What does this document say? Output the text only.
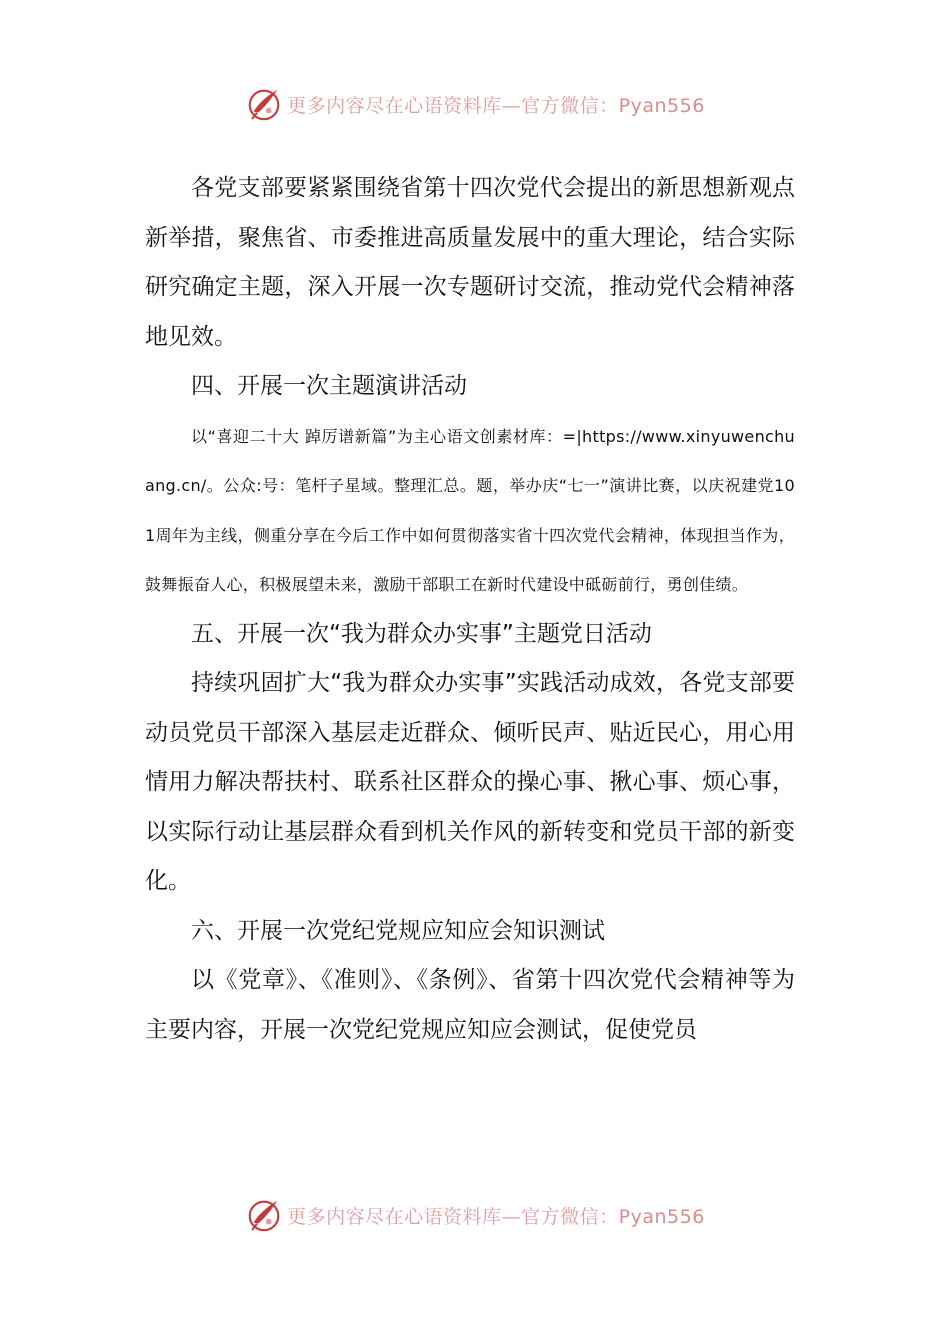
更多内容尽在心语资料库—官方微信：Pyan556

各党支部要紧紧围绕省第十四次党代会提出的新思想新观点新举措，聚焦省、市委推进高质量发展中的重大理论，结合实际研究确定主题，深入开展一次专题研讨交流，推动党代会精神落地见效。

四、开展一次主题演讲活动

以“喜迎二十大 踔厉谱新篇”为主心语文创素材库：=|https://www.xinyuwenchuang.cn/。公众:号：笔杆子星域。整理汇总。题，举办庆“七一”演讲比赛，以庆祝建党101周年为主线，侧重分享在今后工作中如何贯彻落实省十四次党代会精神，体现担当作为，鼓舞振奋人心，积极展望未来，激励干部职工在新时代建设中砥砺前行，勇创佳绩。

五、开展一次“我为群众办实事”主题党日活动

持续巩固扩大“我为群众办实事”实践活动成效，各党支部要动员党员干部深入基层走近群众、倾听民声、贴近民心，用心用情用力解决帮扶村、联系社区群众的操心事、揪心事、烦心事，以实际行动让基层群众看到机关作风的新转变和党员干部的新变化。

六、开展一次党纪党规应知应会知识测试

以《党章》、《准则》、《条例》、省第十四次党代会精神等为主要内容，开展一次党纪党规应知应会测试，促使党员

更多内容尽在心语资料库—官方微信：Pyan556
